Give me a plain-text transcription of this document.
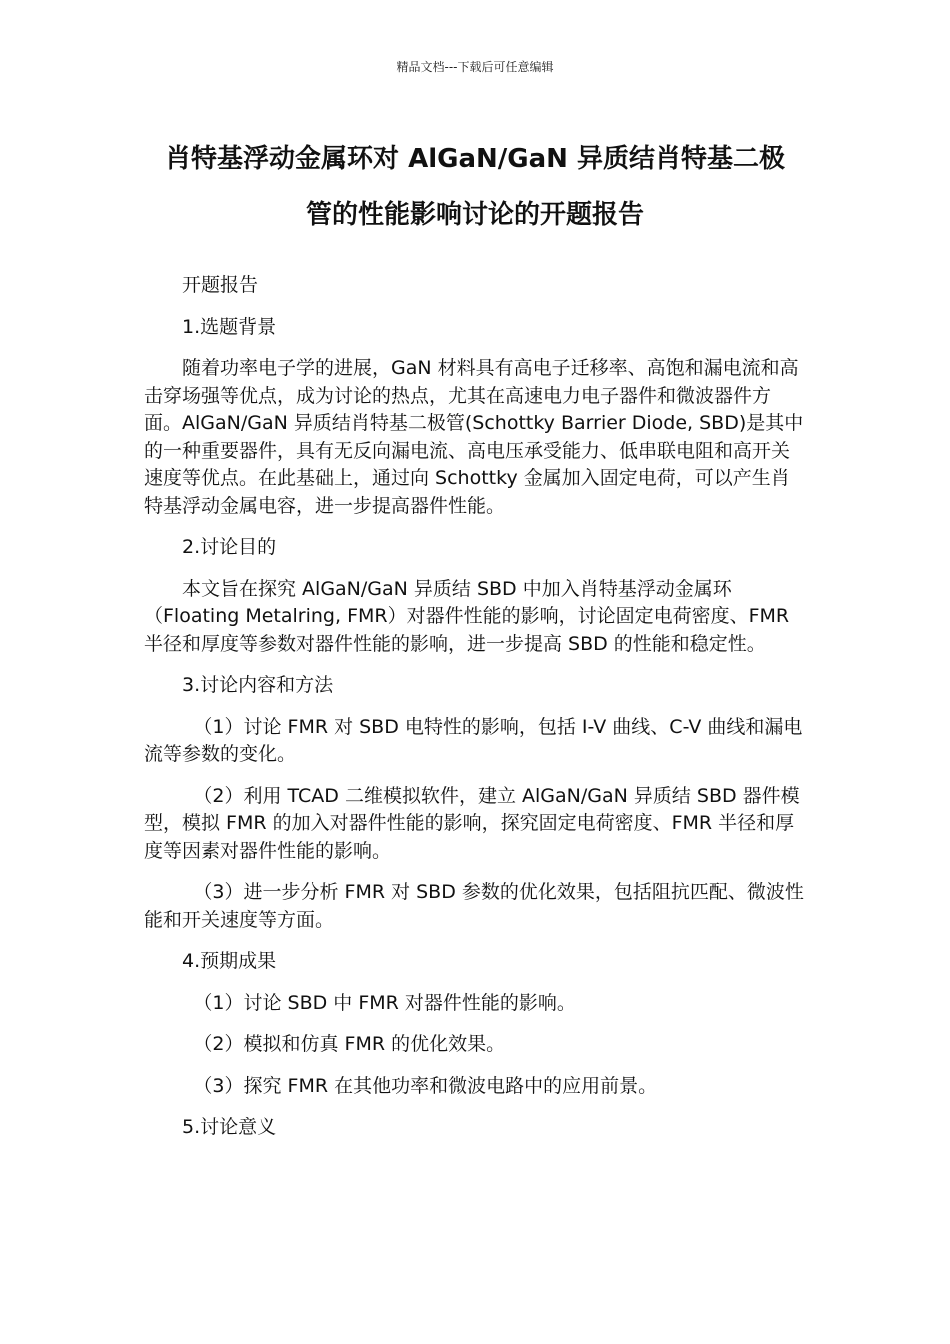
精品文档---下载后可任意编辑
肖特基浮动金属环对 AlGaN/GaN 异质结肖特基二极
管的性能影响讨论的开题报告

开题报告

1.选题背景

随着功率电子学的进展，GaN 材料具有高电子迁移率、高饱和漏电流和高击穿场强等优点，成为讨论的热点，尤其在高速电力电子器件和微波器件方面。AlGaN/GaN 异质结肖特基二极管(Schottky Barrier Diode, SBD)是其中的一种重要器件，具有无反向漏电流、高电压承受能力、低串联电阻和高开关速度等优点。在此基础上，通过向 Schottky 金属加入固定电荷，可以产生肖特基浮动金属电容，进一步提高器件性能。

2.讨论目的

本文旨在探究 AlGaN/GaN 异质结 SBD 中加入肖特基浮动金属环（Floating Metalring, FMR）对器件性能的影响，讨论固定电荷密度、FMR 半径和厚度等参数对器件性能的影响，进一步提高 SBD 的性能和稳定性。

3.讨论内容和方法

（1）讨论 FMR 对 SBD 电特性的影响，包括 I-V 曲线、C-V 曲线和漏电流等参数的变化。

（2）利用 TCAD 二维模拟软件，建立 AlGaN/GaN 异质结 SBD 器件模型，模拟 FMR 的加入对器件性能的影响，探究固定电荷密度、FMR 半径和厚度等因素对器件性能的影响。

（3）进一步分析 FMR 对 SBD 参数的优化效果，包括阻抗匹配、微波性能和开关速度等方面。

4.预期成果

（1）讨论 SBD 中 FMR 对器件性能的影响。

（2）模拟和仿真 FMR 的优化效果。

（3）探究 FMR 在其他功率和微波电路中的应用前景。

5.讨论意义
